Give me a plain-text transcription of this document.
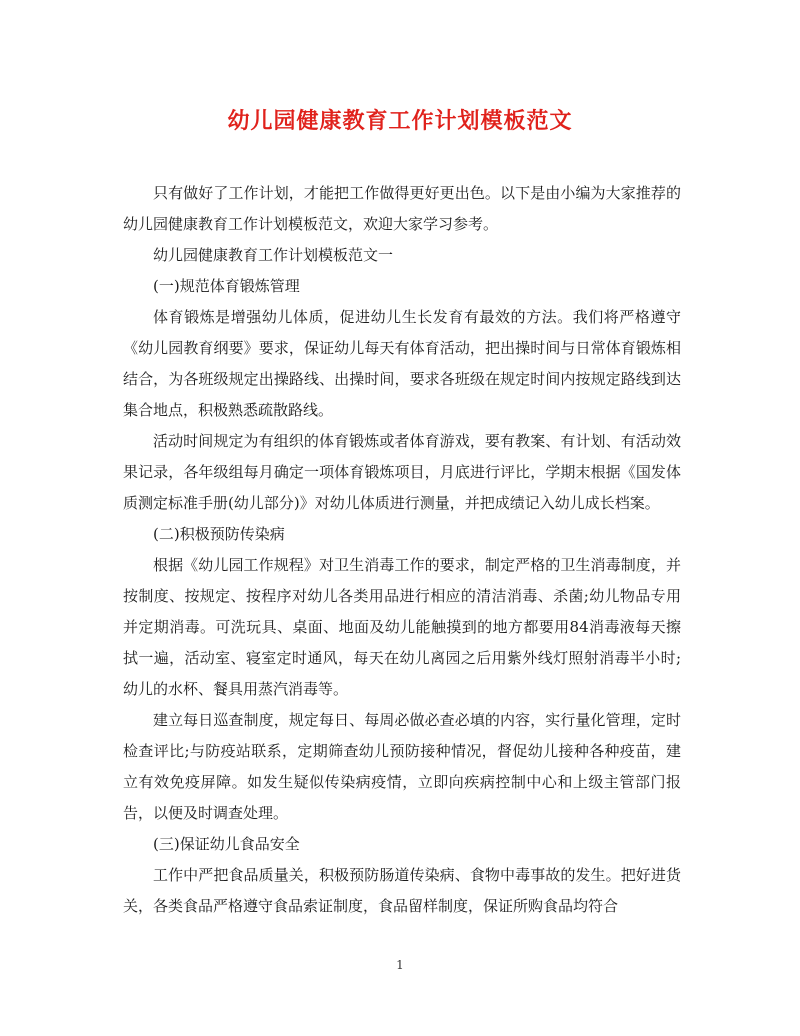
幼儿园健康教育工作计划模板范文

只有做好了工作计划，才能把工作做得更好更出色。以下是由小编为大家推荐的幼儿园健康教育工作计划模板范文，欢迎大家学习参考。

幼儿园健康教育工作计划模板范文一

(一)规范体育锻炼管理

体育锻炼是增强幼儿体质，促进幼儿生长发育有最效的方法。我们将严格遵守《幼儿园教育纲要》要求，保证幼儿每天有体育活动，把出操时间与日常体育锻炼相结合，为各班级规定出操路线、出操时间，要求各班级在规定时间内按规定路线到达集合地点，积极熟悉疏散路线。

活动时间规定为有组织的体育锻炼或者体育游戏，要有教案、有计划、有活动效果记录，各年级组每月确定一项体育锻炼项目，月底进行评比，学期末根据《国发体质测定标准手册(幼儿部分)》对幼儿体质进行测量，并把成绩记入幼儿成长档案。

(二)积极预防传染病

根据《幼儿园工作规程》对卫生消毒工作的要求，制定严格的卫生消毒制度，并按制度、按规定、按程序对幼儿各类用品进行相应的清洁消毒、杀菌;幼儿物品专用并定期消毒。可洗玩具、桌面、地面及幼儿能触摸到的地方都要用84消毒液每天擦拭一遍，活动室、寝室定时通风，每天在幼儿离园之后用紫外线灯照射消毒半小时;幼儿的水杯、餐具用蒸汽消毒等。

建立每日巡查制度，规定每日、每周必做必查必填的内容，实行量化管理，定时检查评比;与防疫站联系，定期筛查幼儿预防接种情况，督促幼儿接种各种疫苗，建立有效免疫屏障。如发生疑似传染病疫情，立即向疾病控制中心和上级主管部门报告，以便及时调查处理。

(三)保证幼儿食品安全

工作中严把食品质量关，积极预防肠道传染病、食物中毒事故的发生。把好进货关，各类食品严格遵守食品索证制度，食品留样制度，保证所购食品均符合

1
